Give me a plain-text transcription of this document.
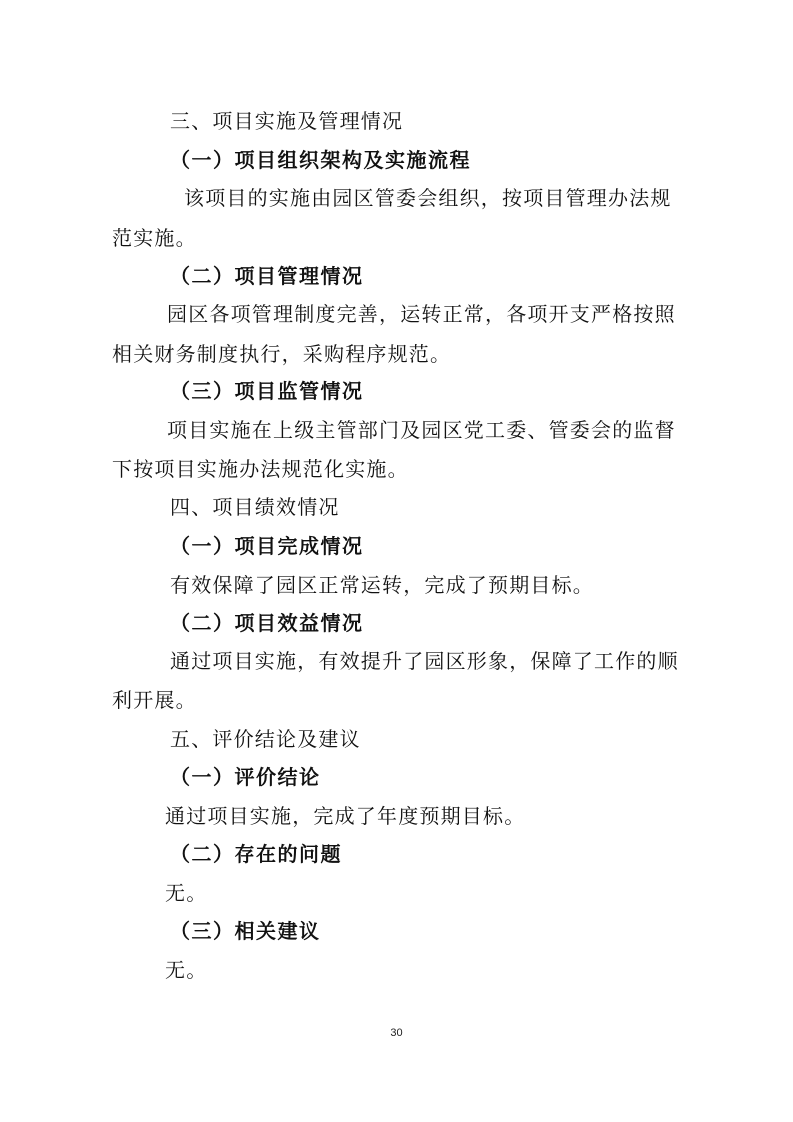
三、项目实施及管理情况
（一）项目组织架构及实施流程
该项目的实施由园区管委会组织，按项目管理办法规
范实施。
（二）项目管理情况
园区各项管理制度完善，运转正常，各项开支严格按照
相关财务制度执行，采购程序规范。
（三）项目监管情况
项目实施在上级主管部门及园区党工委、管委会的监督
下按项目实施办法规范化实施。
四、项目绩效情况
（一）项目完成情况
有效保障了园区正常运转，完成了预期目标。
（二）项目效益情况
通过项目实施，有效提升了园区形象，保障了工作的顺
利开展。
五、评价结论及建议
（一）评价结论
通过项目实施，完成了年度预期目标。
（二）存在的问题
无。
（三）相关建议
无。
30
